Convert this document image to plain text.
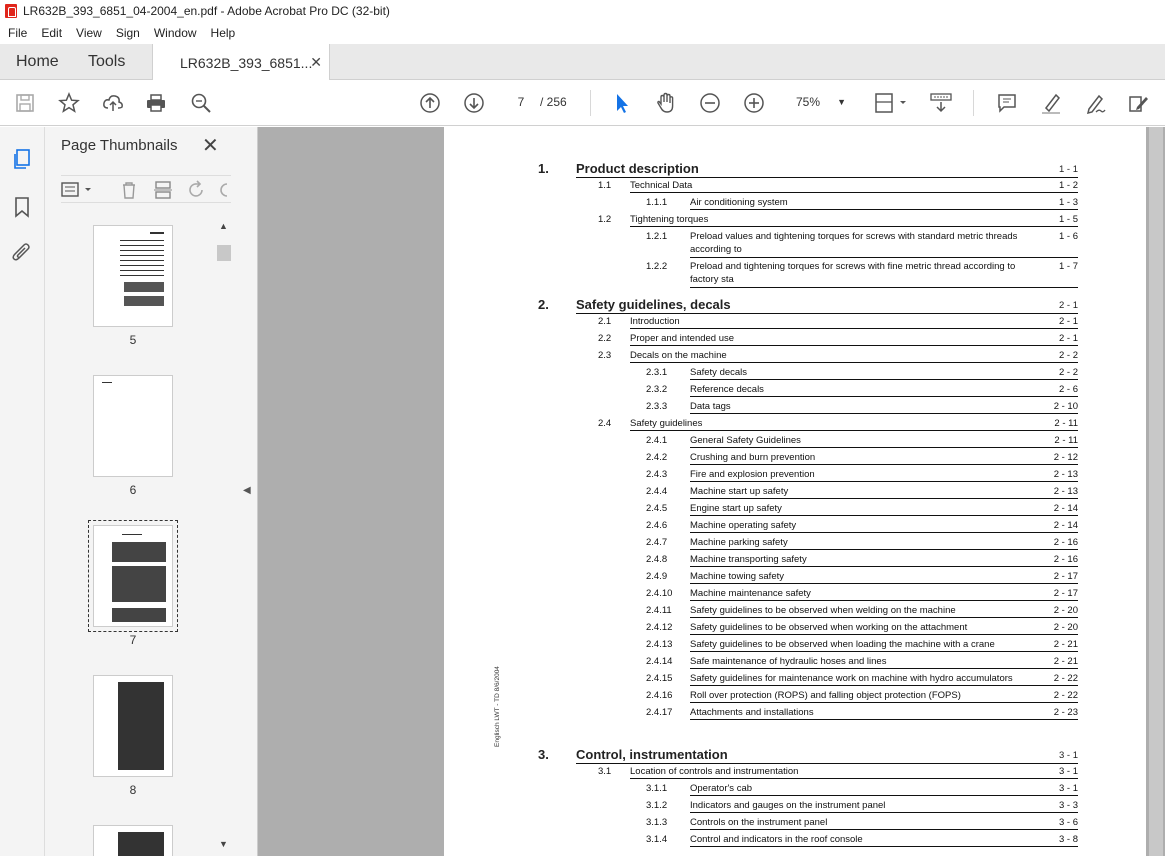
LR632B_393_6851_04-2004_en.pdf - Adobe Acrobat Pro DC (32-bit)
File Edit View Sign Window Help
Home Tools	LR632B_393_6851...
✕
7	/ 256	75% ▼
Page Thumbnails ✕
5
6
7
8
▲
▼
◀
1. Product description	1 - 1
1.1 Technical Data	1 - 2
1.1.1 Air conditioning system	1 - 3
1.2 Tightening torques	1 - 5
1.2.1 Preload values and tightening torques for screws with standard metric threads	1 - 6
according to
1.2.2 Preload and tightening torques for screws with fine metric thread according to	1 - 7
factory sta
2. Safety guidelines, decals	2 - 1
2.1 Introduction	2 - 1
2.2 Proper and intended use	2 - 1
2.3 Decals on the machine	2 - 2
2.3.1 Safety decals	2 - 2
2.3.2 Reference decals	2 - 6
2.3.3 Data tags	2 - 10
2.4 Safety guidelines	2 - 11
2.4.1 General Safety Guidelines	2 - 11
2.4.2 Crushing and burn prevention	2 - 12
2.4.3 Fire and explosion prevention	2 - 13
2.4.4 Machine start up safety	2 - 13
2.4.5 Engine start up safety	2 - 14
2.4.6 Machine operating safety	2 - 14
2.4.7 Machine parking safety	2 - 16
2.4.8 Machine transporting safety	2 - 16
2.4.9 Machine towing safety	2 - 17
2.4.10 Machine maintenance safety	2 - 17
2.4.11 Safety guidelines to be observed when welding on the machine	2 - 20
2.4.12 Safety guidelines to be observed when working on the attachment	2 - 20
2.4.13 Safety guidelines to be observed when loading the machine with a crane	2 - 21
2.4.14 Safe maintenance of hydraulic hoses and lines	2 - 21
2.4.15 Safety guidelines for maintenance work on machine with hydro accumulators	2 - 22
2.4.16 Roll over protection (ROPS) and falling object protection (FOPS)	2 - 22
2.4.17 Attachments and installations	2 - 23
3. Control, instrumentation	3 - 1
3.1 Location of controls and instrumentation	3 - 1
3.1.1 Operator's cab	3 - 1
3.1.2 Indicators and gauges on the instrument panel	3 - 3
3.1.3 Controls on the instrument panel	3 - 6
3.1.4 Control and indicators in the roof console	3 - 8
Englisch LWT - TD 8/6/2004
